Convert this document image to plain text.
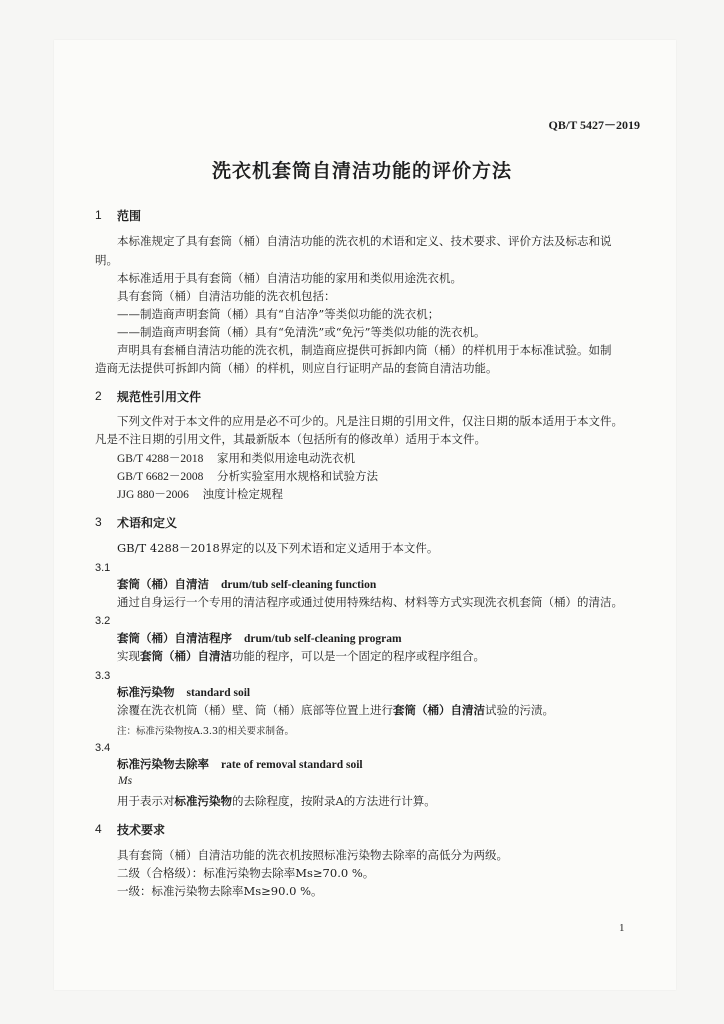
QB/T 5427－2019
洗衣机套筒自清洁功能的评价方法
1 范围
本标准规定了具有套筒（桶）自清洁功能的洗衣机的术语和定义、技术要求、评价方法及标志和说
明。
本标准适用于具有套筒（桶）自清洁功能的家用和类似用途洗衣机。
具有套筒（桶）自清洁功能的洗衣机包括：
——制造商声明套筒（桶）具有“自洁净”等类似功能的洗衣机；
——制造商声明套筒（桶）具有“免清洗”或“免污”等类似功能的洗衣机。
声明具有套桶自清洁功能的洗衣机，制造商应提供可拆卸内筒（桶）的样机用于本标准试验。如制
造商无法提供可拆卸内筒（桶）的样机，则应自行证明产品的套筒自清洁功能。
2 规范性引用文件
下列文件对于本文件的应用是必不可少的。凡是注日期的引用文件，仅注日期的版本适用于本文件。
凡是不注日期的引用文件，其最新版本（包括所有的修改单）适用于本文件。
GB/T 4288－2018 家用和类似用途电动洗衣机
GB/T 6682－2008 分析实验室用水规格和试验方法
JJG 880－2006 浊度计检定规程
3 术语和定义
GB/T 4288－2018界定的以及下列术语和定义适用于本文件。
3.1
套筒（桶）自清洁 drum/tub self-cleaning function
通过自身运行一个专用的清洁程序或通过使用特殊结构、材料等方式实现洗衣机套筒（桶）的清洁。
3.2
套筒（桶）自清洁程序 drum/tub self-cleaning program
实现套筒（桶）自清洁功能的程序，可以是一个固定的程序或程序组合。
3.3
标准污染物 standard soil
涂覆在洗衣机筒（桶）壁、筒（桶）底部等位置上进行套筒（桶）自清洁试验的污渍。
注：标准污染物按A.3.3的相关要求制备。
3.4
标准污染物去除率 rate of removal standard soil
Ms
用于表示对标准污染物的去除程度，按附录A的方法进行计算。
4 技术要求
具有套筒（桶）自清洁功能的洗衣机按照标准污染物去除率的高低分为两级。
二级（合格级）：标准污染物去除率Ms≥70.0 %。
一级：标准污染物去除率Ms≥90.0 %。
1
